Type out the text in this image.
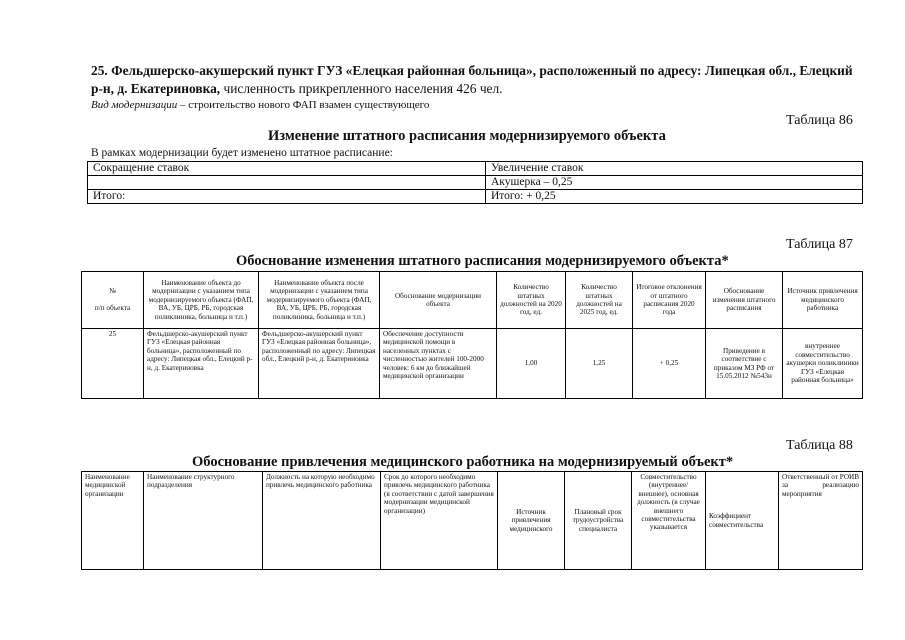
25. Фельдшерско-акушерский пункт ГУЗ «Елецкая районная больница», расположенный по адресу: Липецкая обл., Елецкий р-н, д. Екатериновка, численность прикрепленного населения 426 чел.
Вид модернизации – строительство нового ФАП взамен существующего
Таблица 86
Изменение штатного расписания модернизируемого объекта
В рамках модернизации будет изменено штатное расписание:
Сокращение ставок	Увеличение ставок
	Акушерка – 0,25
Итого:	Итого: + 0,25
Таблица 87
Обоснование изменения штатного расписания модернизируемого объекта*
№

п/п объекта	Наименование объекта до модернизации с указанием типа модернизируемого объекта (ФАП, ВА, УБ, ЦРБ, РБ, городская поликлиника, больница и т.п.)	Наименование объекта после модернизации с указанием типа модернизируемого объекта (ФАП, ВА, УБ, ЦРБ, РБ, городская поликлиника, больница и т.п.)	Обоснование модернизации объекта	Количество штатных должностей на 2020 год, ед.	Количество штатных должностей на 2025 год, ед.	Итоговое отклонения от штатного расписания 2020 года	Обоснование изменения штатного расписания	Источник привлечения медицинского работника
25	Фельдшерско-акушерский пункт ГУЗ «Елецкая районная больница», расположенный по адресу: Липецкая обл., Елецкий р-н, д. Екатериновка	Фельдшерско-акушерский пункт ГУЗ «Елецкая районная больница», расположенный по адресу: Липецкая обл., Елецкий р-н, д. Екатериновка	Обеспечение доступности медицинской помощи в населенных пунктах с численностью жителей 100-2000 человек: 6 км до ближайшей медицинской организации	1,00	1,25	+ 0,25	Приведение в соответствие с приказом МЗ РФ от 15.05.2012 №543н	внутреннее совместительство акушерки поликлиники ГУЗ «Елецкая районная больница»
Таблица 88
Обоснование привлечения медицинского работника на модернизируемый объект*
Наименование медицинской организации	Наименование структурного подразделения	Должность на которую необходимо привлечь медицинского работника	Срок до которого необходимо привлечь медицинского работника (в соответствии с датой завершения модернизации медицинской организации)	Источник привлечения медицинского	Плановый срок трудоустройства специалиста	Совместительство (внутреннее/внешнее), основная должность (в случае внешнего совместительства указывается	Коэффициент совместительства	Ответственный от РОИВ за реализацию мероприятия
